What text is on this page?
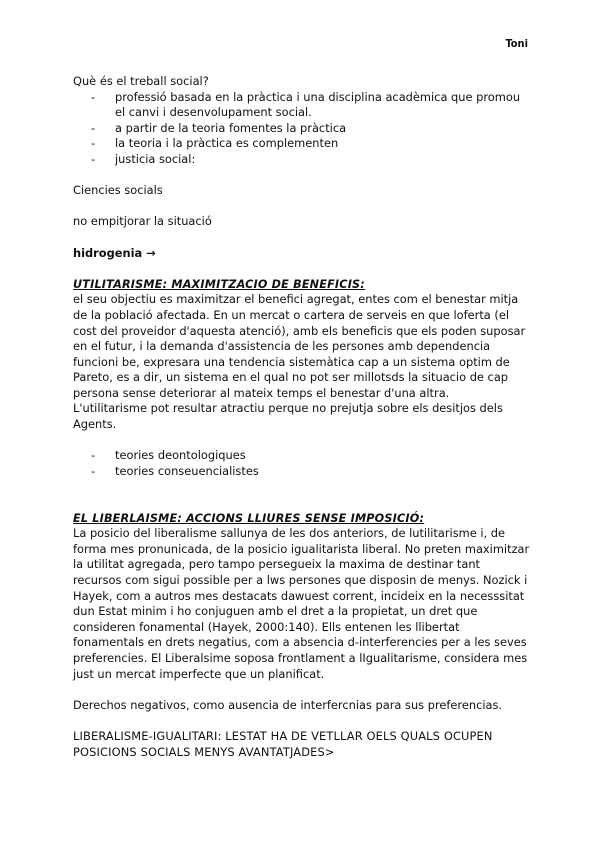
Toni

Què és el treball social?

- professió basada en la pràctica i una disciplina acadèmica que promou el canvi i desenvolupament social.
- a partir de la teoria fomentes la pràctica
- la teoria i la pràctica es complementen
- justicia social:

Ciencies socials

no empitjorar la situació

hidrogenia →

UTILITARISME: MAXIMITZACIO DE BENEFICIS:

el seu objectiu es maximitzar el benefici agregat, entes com el benestar mitja de la població afectada. En un mercat o cartera de serveis en que loferta (el cost del proveidor d'aquesta atenció), amb els beneficis que els poden suposar en el futur, i la demanda d'assistencia de les persones amb dependencia funcioni be, expresara una tendencia sistemàtica cap a un sistema optim de Pareto, es a dir, un sistema en el qual no pot ser millotsds la situacio de cap persona sense deteriorar al mateix temps el benestar d'una altra.

L'utilitarisme pot resultar atractiu perque no prejutja sobre els desitjos dels Agents.

- teories deontologiques
- teories conseuencialistes

EL LIBERLAISME: ACCIONS LLIURES SENSE IMPOSICIÓ:

La posicio del liberalisme sallunya de les dos anteriors, de lutilitarisme i, de forma mes pronunicada, de la posicio igualitarista liberal. No preten maximitzar la utilitat agregada, pero tampo persegueix la maxima de destinar tant recursos com sigui possible per a lws persones que disposin de menys. Nozick i Hayek, com a autros mes destacats dawuest corrent, incideix en la necesssitat dun Estat minim i ho conjuguen amb el dret a la propietat, un dret que consideren fonamental (Hayek, 2000:140). Ells entenen les llibertat fonamentals en drets negatius, com a absencia d-interferencies per a les seves preferencies. El Liberalsime soposa frontlament a lIgualitarisme, considera mes just un mercat imperfecte que un planificat.

Derechos negativos, como ausencia de interfercnias para sus preferencias.

LIBERALISME-IGUALITARI: LESTAT HA DE VETLLAR OELS QUALS OCUPEN

POSICIONS SOCIALS MENYS AVANTATJADES>
